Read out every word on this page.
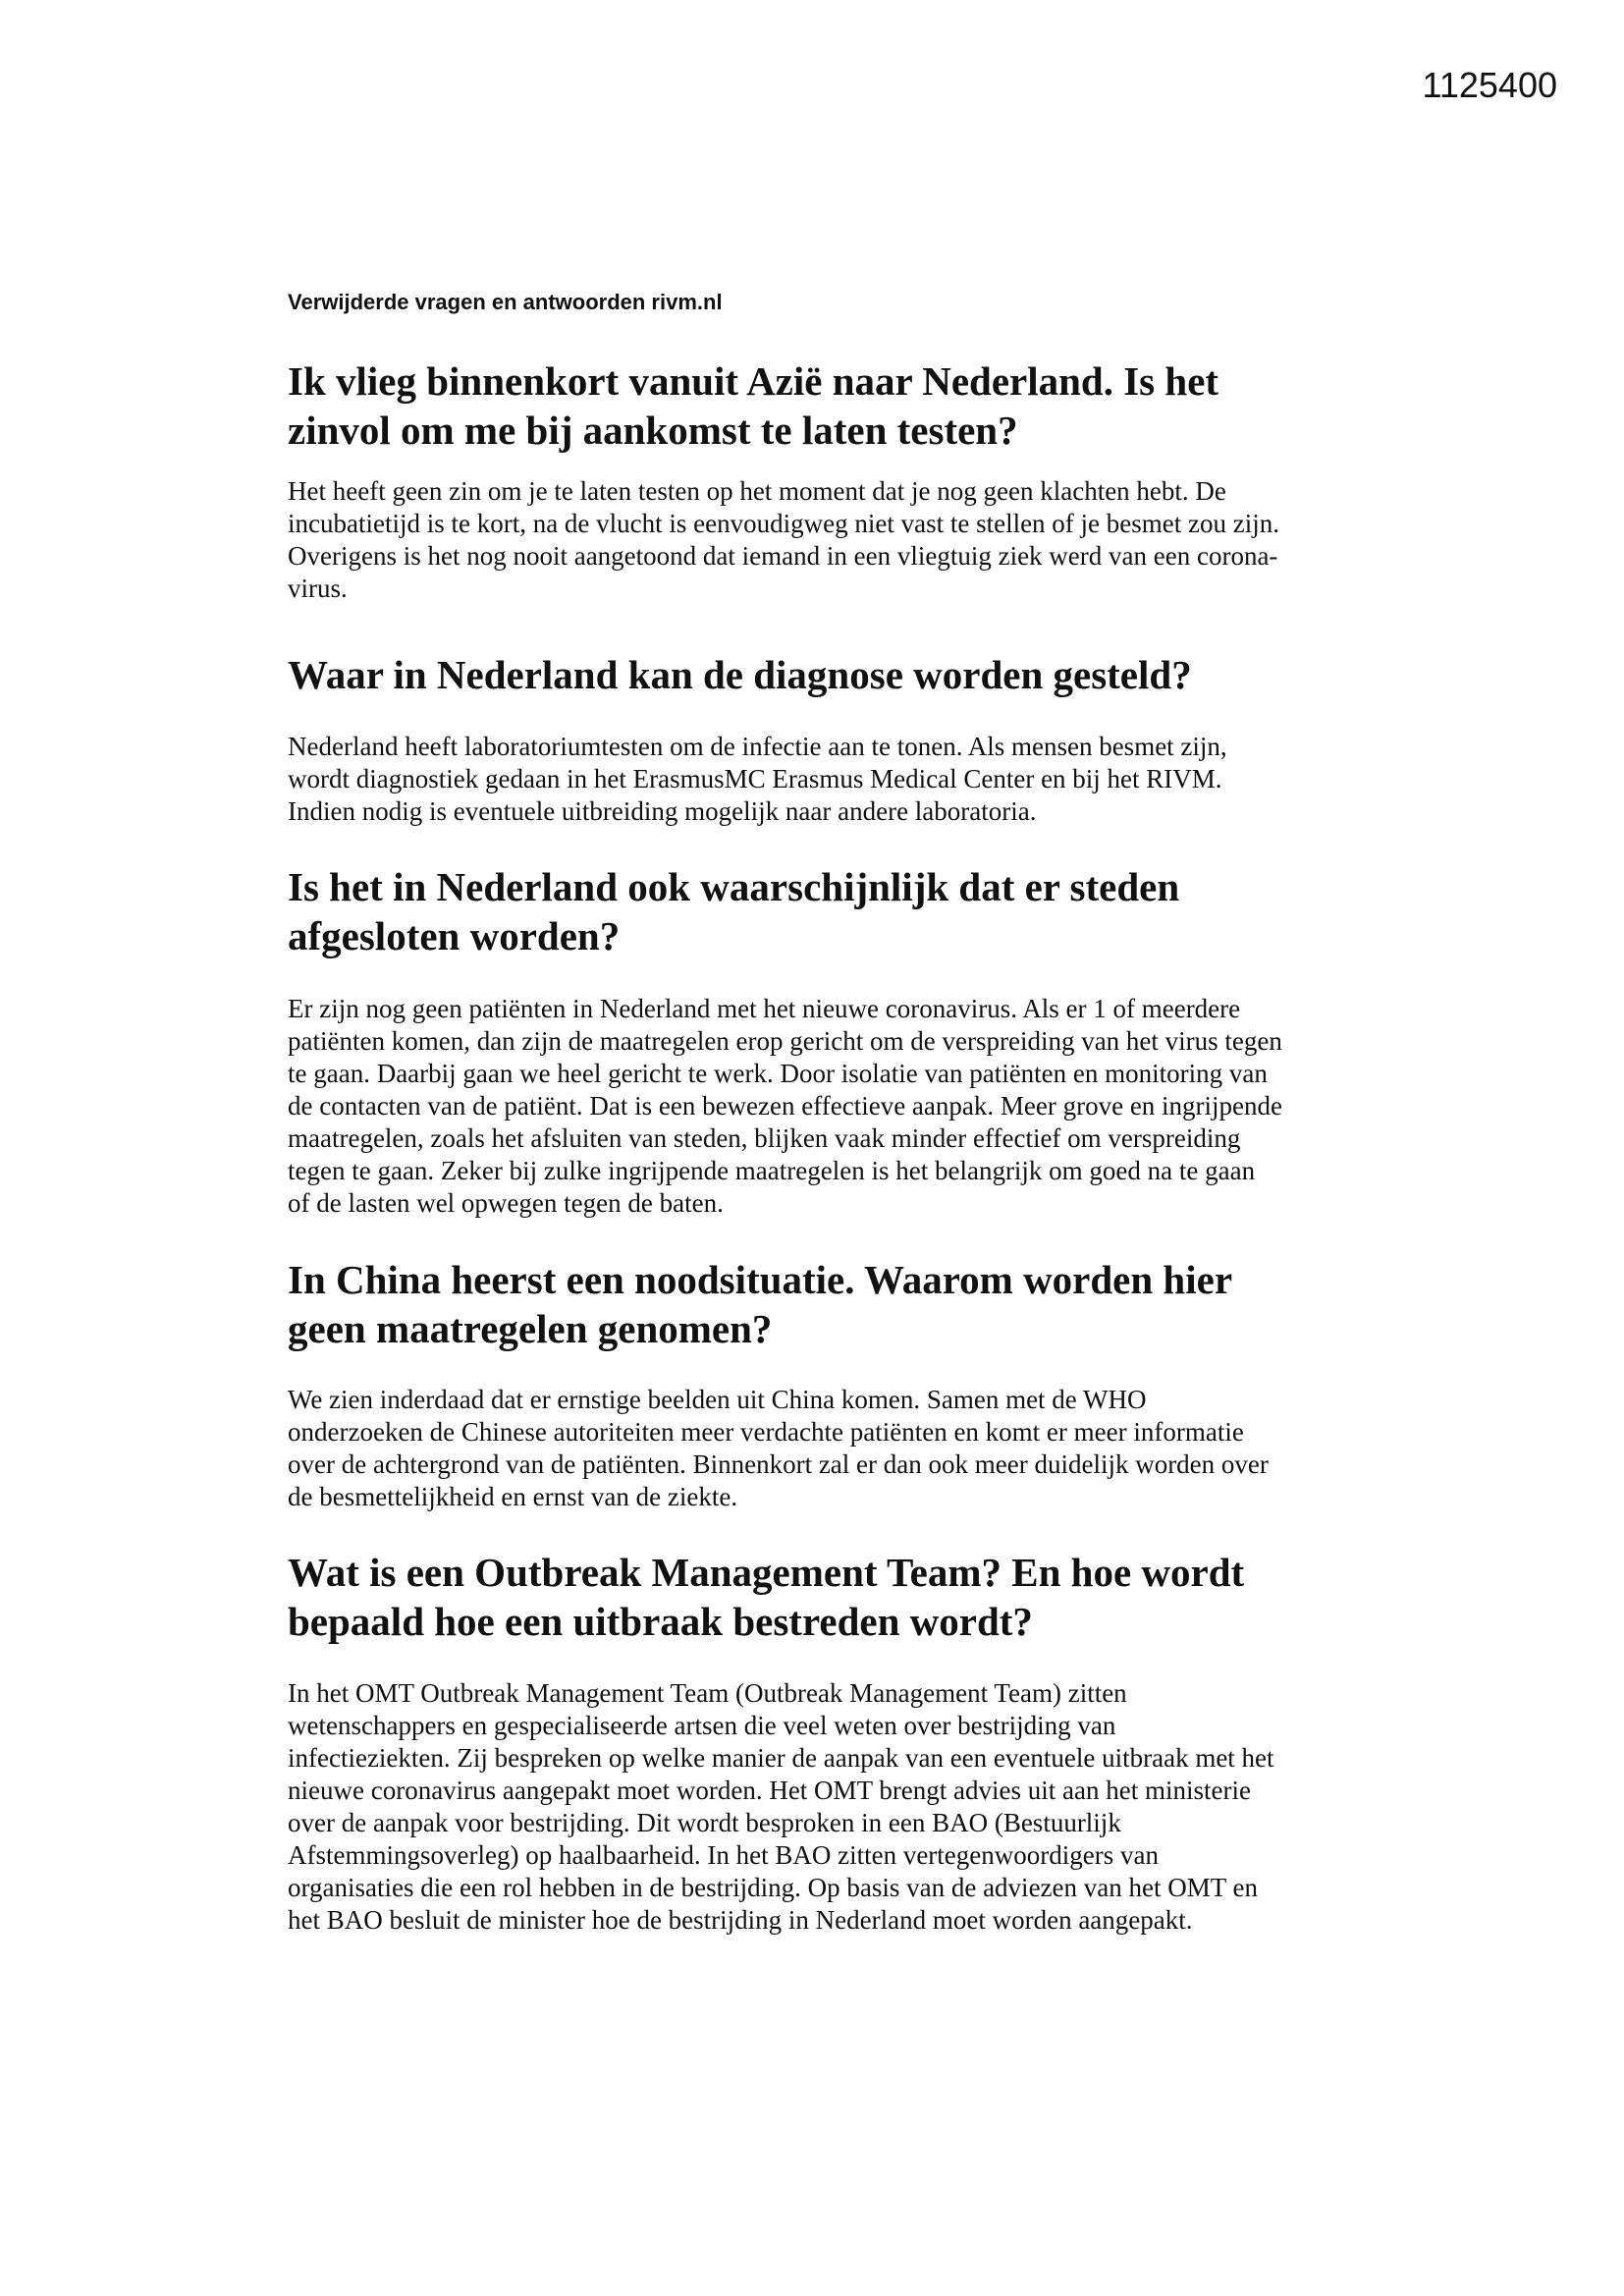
1125400
Verwijderde vragen en antwoorden rivm.nl
Ik vlieg binnenkort vanuit Azië naar Nederland. Is het
zinvol om me bij aankomst te laten testen?
Het heeft geen zin om je te laten testen op het moment dat je nog geen klachten hebt. De
incubatietijd is te kort, na de vlucht is eenvoudigweg niet vast te stellen of je besmet zou zijn.
Overigens is het nog nooit aangetoond dat iemand in een vliegtuig ziek werd van een corona-
virus.
Waar in Nederland kan de diagnose worden gesteld?
Nederland heeft laboratoriumtesten om de infectie aan te tonen. Als mensen besmet zijn,
wordt diagnostiek gedaan in het ErasmusMC Erasmus Medical Center en bij het RIVM.
Indien nodig is eventuele uitbreiding mogelijk naar andere laboratoria.
Is het in Nederland ook waarschijnlijk dat er steden
afgesloten worden?
Er zijn nog geen patiënten in Nederland met het nieuwe coronavirus. Als er 1 of meerdere
patiënten komen, dan zijn de maatregelen erop gericht om de verspreiding van het virus tegen
te gaan. Daarbij gaan we heel gericht te werk. Door isolatie van patiënten en monitoring van
de contacten van de patiënt. Dat is een bewezen effectieve aanpak. Meer grove en ingrijpende
maatregelen, zoals het afsluiten van steden, blijken vaak minder effectief om verspreiding
tegen te gaan. Zeker bij zulke ingrijpende maatregelen is het belangrijk om goed na te gaan
of de lasten wel opwegen tegen de baten.
In China heerst een noodsituatie. Waarom worden hier
geen maatregelen genomen?
We zien inderdaad dat er ernstige beelden uit China komen. Samen met de WHO
onderzoeken de Chinese autoriteiten meer verdachte patiënten en komt er meer informatie
over de achtergrond van de patiënten. Binnenkort zal er dan ook meer duidelijk worden over
de besmettelijkheid en ernst van de ziekte.
Wat is een Outbreak Management Team? En hoe wordt
bepaald hoe een uitbraak bestreden wordt?
In het OMT Outbreak Management Team (Outbreak Management Team) zitten
wetenschappers en gespecialiseerde artsen die veel weten over bestrijding van
infectieziekten. Zij bespreken op welke manier de aanpak van een eventuele uitbraak met het
nieuwe coronavirus aangepakt moet worden. Het OMT brengt advies uit aan het ministerie
over de aanpak voor bestrijding. Dit wordt besproken in een BAO (Bestuurlijk
Afstemmingsoverleg) op haalbaarheid. In het BAO zitten vertegenwoordigers van
organisaties die een rol hebben in de bestrijding. Op basis van de adviezen van het OMT en
het BAO besluit de minister hoe de bestrijding in Nederland moet worden aangepakt.
